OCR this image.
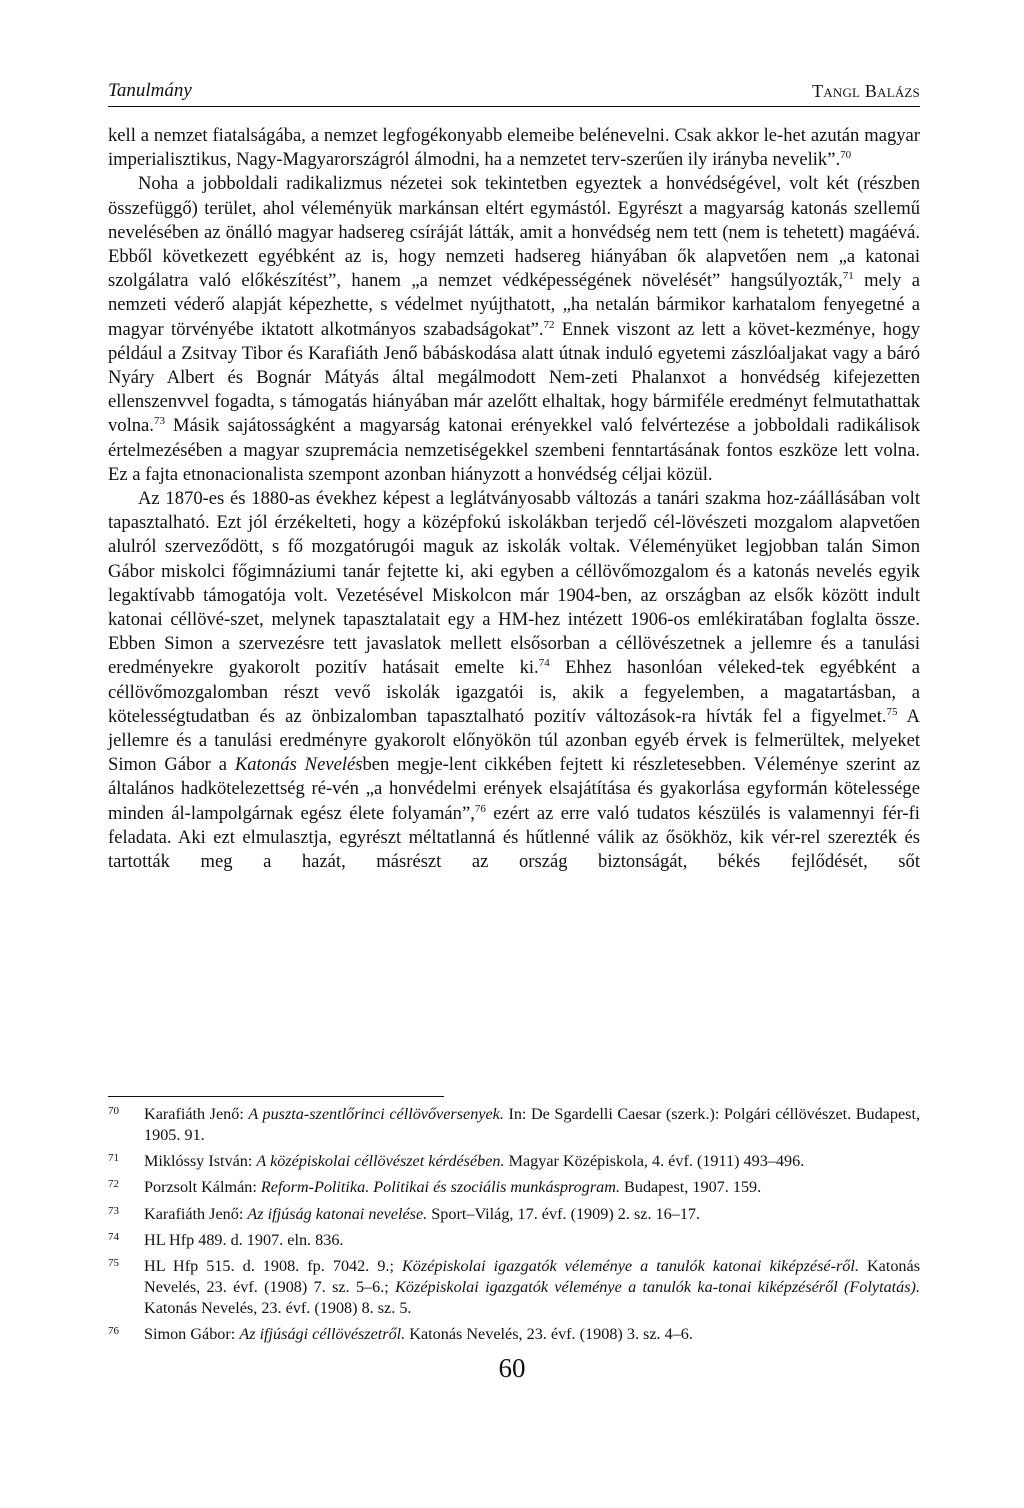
Tanulmány	Tangl Balázs

kell a nemzet fiatalságába, a nemzet legfogékonyabb elemeibe belénevelni. Csak akkor le-het azután magyar imperialisztikus, Nagy-Magyarországról álmodni, ha a nemzetet terv-szerűen ily irányba nevelik”.$^{70}$

Noha a jobboldali radikalizmus nézetei sok tekintetben egyeztek a honvédségével, volt két (részben összefüggő) terület, ahol véleményük markánsan eltért egymástól. Egyrészt a magyarság katonás szellemű nevelésében az önálló magyar hadsereg csíráját látták, amit a honvédség nem tett (nem is tehetett) magáévá. Ebből következett egyébként az is, hogy nemzeti hadsereg hiányában ők alapvetően nem „a katonai szolgálatra való előkészítést”, hanem „a nemzet védképességének növelését” hangsúlyozták,$^{71}$ mely a nemzeti véderő alapját képezhette, s védelmet nyújthatott, „ha netalán bármikor karhatalom fenyegetné a magyar törvényébe iktatott alkotmányos szabadságokat”.$^{72}$ Ennek viszont az lett a követ-kezménye, hogy például a Zsitvay Tibor és Karafiáth Jenő bábáskodása alatt útnak induló egyetemi zászlóaljakat vagy a báró Nyáry Albert és Bognár Mátyás által megálmodott Nem-zeti Phalanxot a honvédség kifejezetten ellenszenvvel fogadta, s támogatás hiányában már azelőtt elhaltak, hogy bármiféle eredményt felmutathattak volna.$^{73}$ Másik sajátosságként a magyarság katonai erényekkel való felvértezése a jobboldali radikálisok értelmezésében a magyar szupremácia nemzetiségekkel szembeni fenntartásának fontos eszköze lett volna. Ez a fajta etnonacionalista szempont azonban hiányzott a honvédség céljai közül.

Az 1870-es és 1880-as évekhez képest a leglátványosabb változás a tanári szakma hoz-záállásában volt tapasztalható. Ezt jól érzékelteti, hogy a középfokú iskolákban terjedő cél-lövészeti mozgalom alapvetően alulról szerveződött, s fő mozgatórugói maguk az iskolák voltak. Véleményüket legjobban talán Simon Gábor miskolci főgimnáziumi tanár fejtette ki, aki egyben a céllövőmozgalom és a katonás nevelés egyik legaktívabb támogatója volt. Vezetésével Miskolcon már 1904-ben, az országban az elsők között indult katonai céllövé-szet, melynek tapasztalatait egy a HM-hez intézett 1906-os emlékiratában foglalta össze. Ebben Simon a szervezésre tett javaslatok mellett elsősorban a céllövészetnek a jellemre és a tanulási eredményekre gyakorolt pozitív hatásait emelte ki.$^{74}$ Ehhez hasonlóan véleked-tek egyébként a céllövőmozgalomban részt vevő iskolák igazgatói is, akik a fegyelemben, a magatartásban, a kötelességtudatban és az önbizalomban tapasztalható pozitív változások-ra hívták fel a figyelmet.$^{75}$ A jellemre és a tanulási eredményre gyakorolt előnyökön túl azonban egyéb érvek is felmerültek, melyeket Simon Gábor a Katonás Nevelésben megje-lent cikkében fejtett ki részletesebben. Véleménye szerint az általános hadkötelezettség ré-vén „a honvédelmi erények elsajátítása és gyakorlása egyformán kötelessége minden ál-lampolgárnak egész élete folyamán”,$^{76}$ ezért az erre való tudatos készülés is valamennyi fér-fi feladata. Aki ezt elmulasztja, egyrészt méltatlanná és hűtlenné válik az ősökhöz, kik vér-rel szerezték és tartották meg a hazát, másrészt az ország biztonságát, békés fejlődését, sőt

70 Karafiáth Jenő: A puszta-szentlőrinci céllövőversenyek. In: De Sgardelli Caesar (szerk.): Polgári céllövészet. Budapest, 1905. 91.
71 Miklóssy István: A középiskolai céllövészet kérdésében. Magyar Középiskola, 4. évf. (1911) 493–496.
72 Porzsolt Kálmán: Reform-Politika. Politikai és szociális munkásprogram. Budapest, 1907. 159.
73 Karafiáth Jenő: Az ifjúság katonai nevelése. Sport–Világ, 17. évf. (1909) 2. sz. 16–17.
74 HL Hfp 489. d. 1907. eln. 836.
75 HL Hfp 515. d. 1908. fp. 7042. 9.; Középiskolai igazgatók véleménye a tanulók katonai kiképzésé-ről. Katonás Nevelés, 23. évf. (1908) 7. sz. 5–6.; Középiskolai igazgatók véleménye a tanulók ka-tonai kiképzéséről (Folytatás). Katonás Nevelés, 23. évf. (1908) 8. sz. 5.
76 Simon Gábor: Az ifjúsági céllövészetről. Katonás Nevelés, 23. évf. (1908) 3. sz. 4–6.
60
